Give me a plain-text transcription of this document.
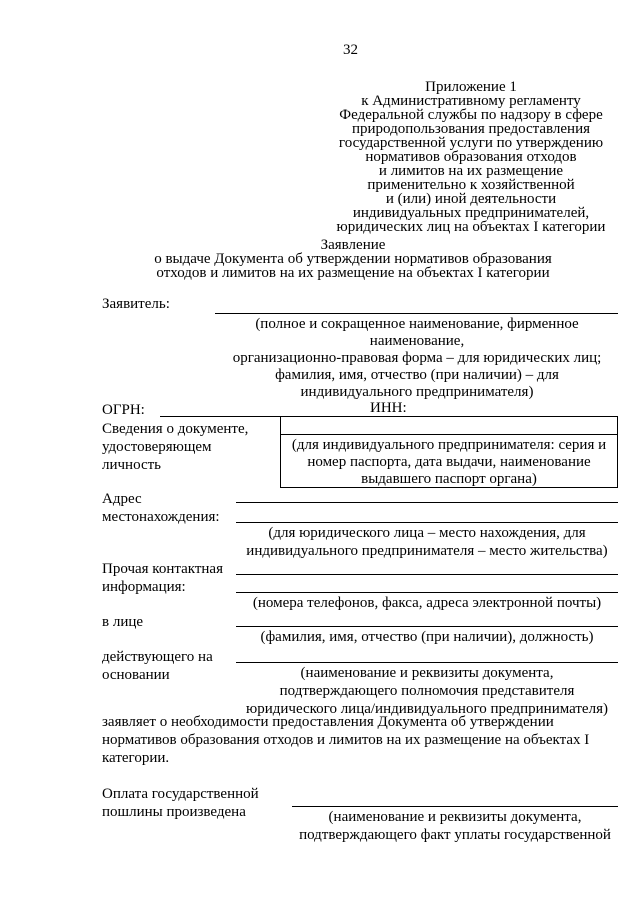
32
Приложение 1
к Административному регламенту
Федеральной службы по надзору в сфере
природопользования предоставления
государственной услуги по утверждению
нормативов образования отходов
и лимитов на их размещение
применительно к хозяйственной
и (или) иной деятельности
индивидуальных предпринимателей,
юридических лиц на объектах I категории
Заявление
о выдаче Документа об утверждении нормативов образования
отходов и лимитов на их размещение на объектах I категории
Заявитель:
(полное и сокращенное наименование, фирменное
наименование,
организационно-правовая форма – для юридических лиц;
фамилия, имя, отчество (при наличии) – для
индивидуального предпринимателя)
ОГРН:	ИНН:
Сведения о документе,
удостоверяющем
личность
(для индивидуального предпринимателя: серия и
номер паспорта, дата выдачи, наименование
выдавшего паспорт органа)
Адрес
местонахождения:
(для юридического лица – место нахождения, для
индивидуального предпринимателя – место жительства)
Прочая контактная
информация:
(номера телефонов, факса, адреса электронной почты)
в лице
(фамилия, имя, отчество (при наличии), должность)
действующего на
основании	(наименование и реквизиты документа,
подтверждающего полномочия представителя
юридического лица/индивидуального предпринимателя)
заявляет о необходимости предоставления Документа об утверждении
нормативов образования отходов и лимитов на их размещение на объектах I
категории.
Оплата государственной
пошлины произведена	(наименование и реквизиты документа,
подтверждающего факт уплаты государственной
